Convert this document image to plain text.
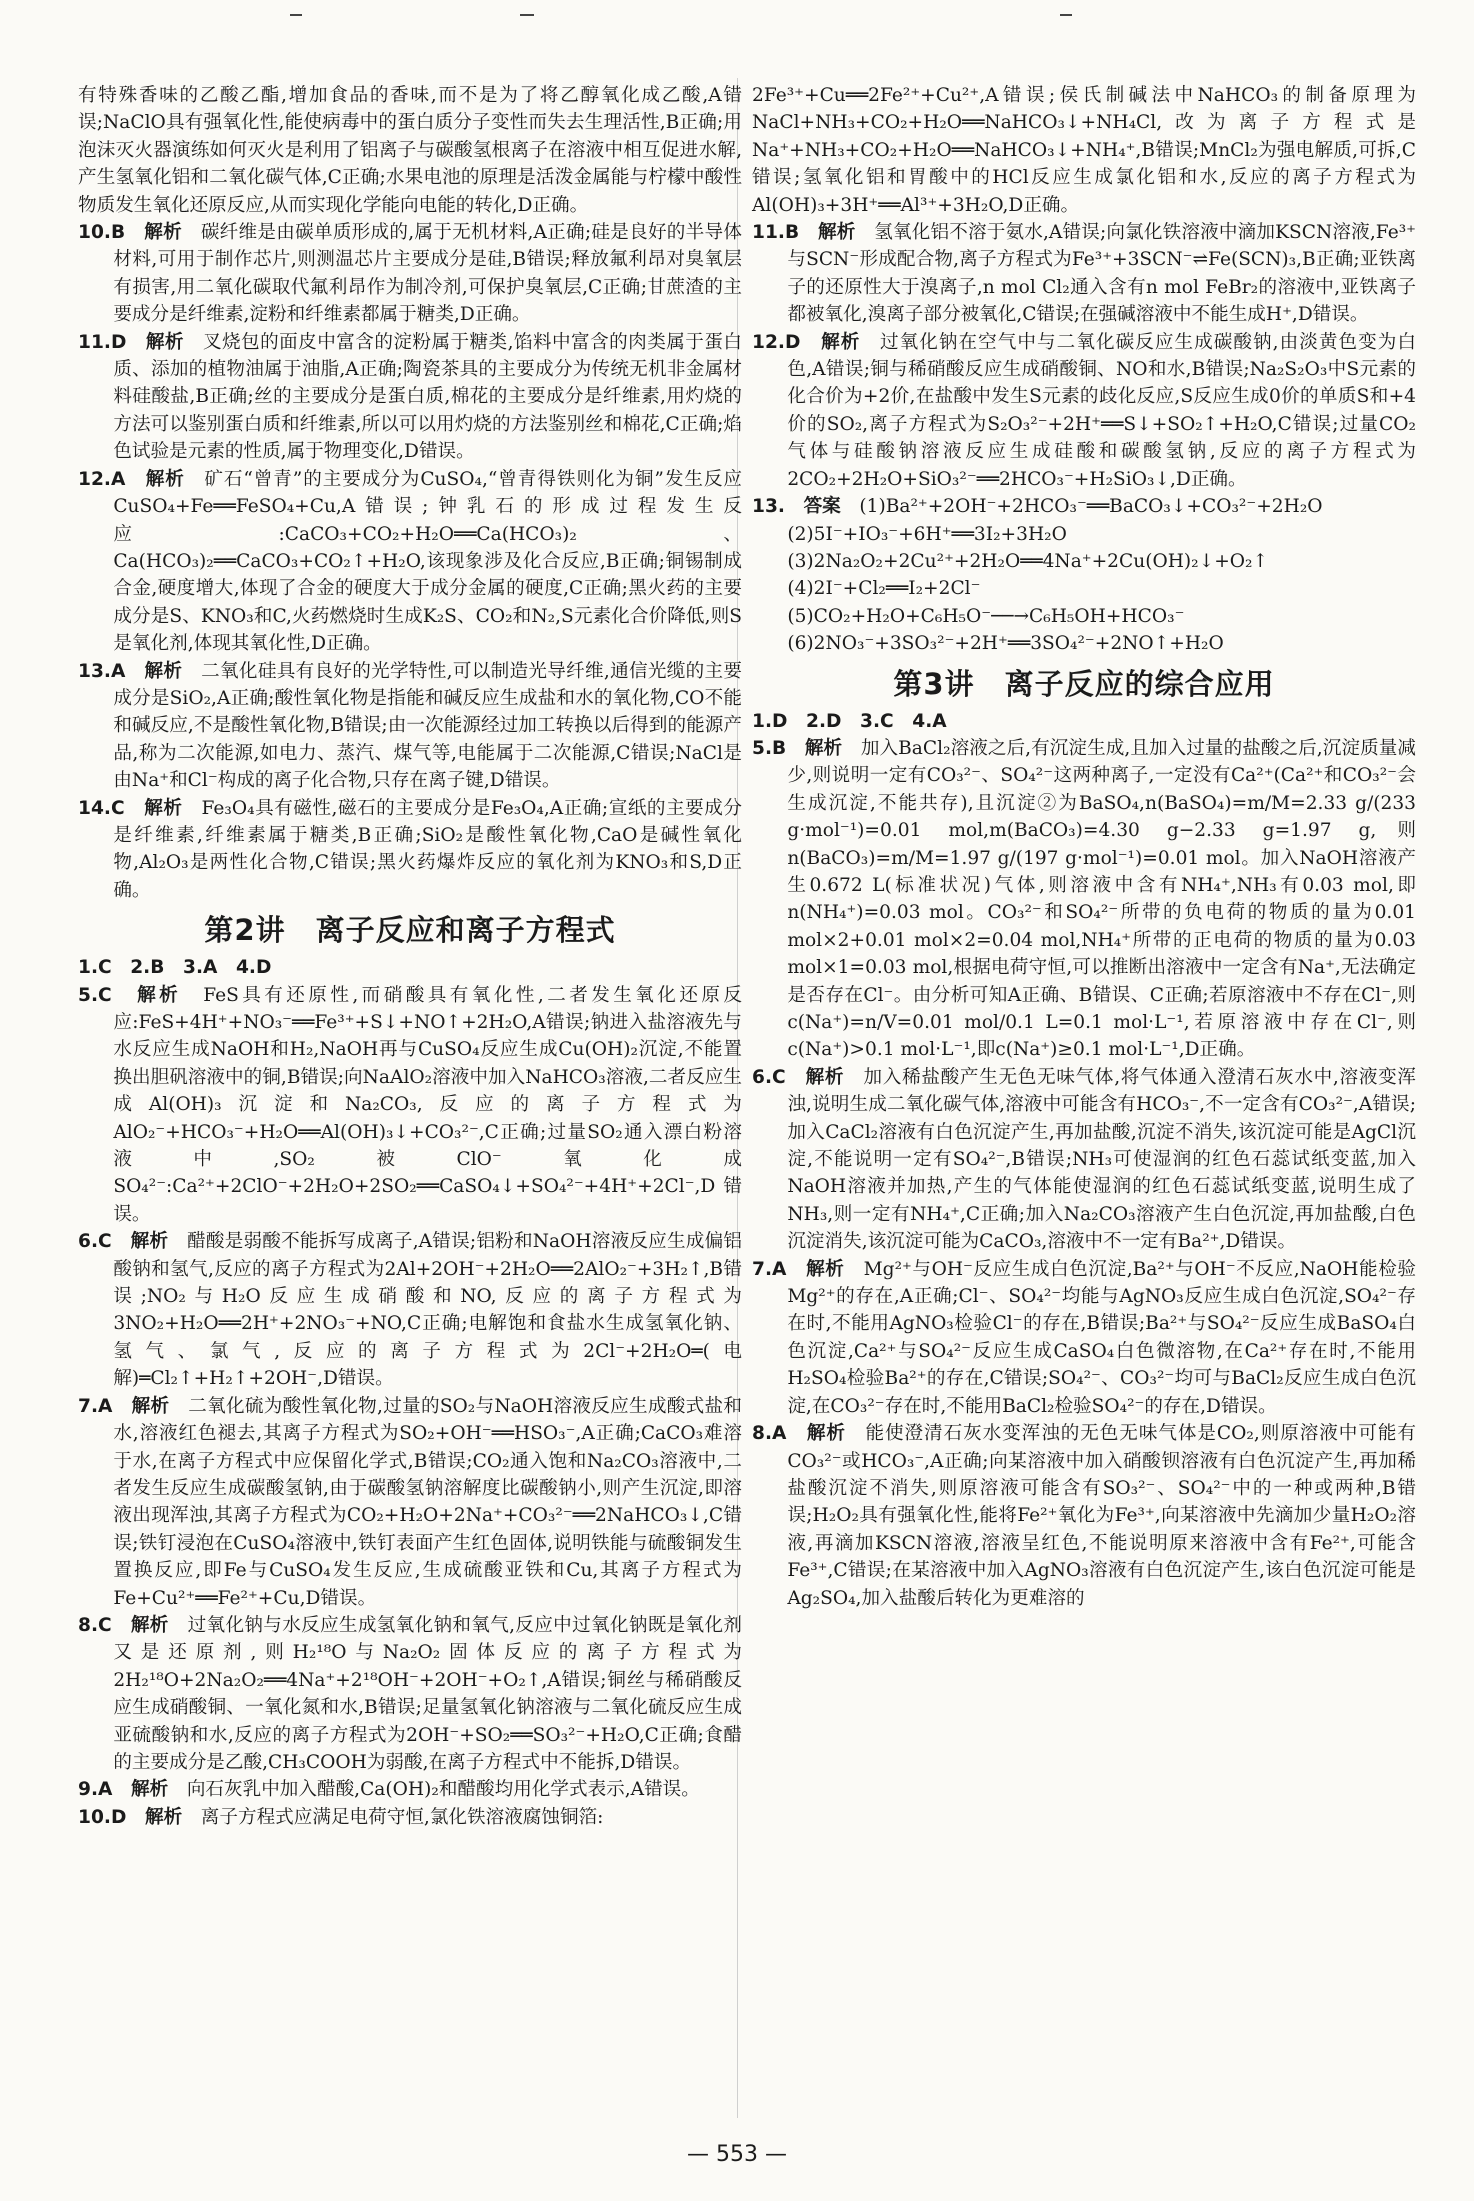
有特殊香味的乙酸乙酯,增加食品的香味,而不是为了将乙醇氧化成乙酸,A错误;NaClO具有强氧化性,能使病毒中的蛋白质分子变性而失去生理活性,B正确;用泡沫灭火器演练如何灭火是利用了铝离子与碳酸氢根离子在溶液中相互促进水解,产生氢氧化铝和二氧化碳气体,C正确;水果电池的原理是活泼金属能与柠檬中酸性物质发生氧化还原反应,从而实现化学能向电能的转化,D正确。
10.B　 解析　 碳纤维是由碳单质形成的,属于无机材料,A正确;硅是良好的半导体材料,可用于制作芯片,则测温芯片主要成分是硅,B错误;释放氟利昂对臭氧层有损害,用二氧化碳取代氟利昂作为制冷剂,可保护臭氧层,C正确;甘蔗渣的主要成分是纤维素,淀粉和纤维素都属于糖类,D正确。
11.D　 解析　 叉烧包的面皮中富含的淀粉属于糖类,馅料中富含的肉类属于蛋白质、添加的植物油属于油脂,A正确;陶瓷茶具的主要成分为传统无机非金属材料硅酸盐,B正确;丝的主要成分是蛋白质,棉花的主要成分是纤维素,用灼烧的方法可以鉴别蛋白质和纤维素,所以可以用灼烧的方法鉴别丝和棉花,C正确;焰色试验是元素的性质,属于物理变化,D错误。
12.A　 解析　 矿石“曾青”的主要成分为CuSO₄,“曾青得铁则化为铜”发生反应CuSO₄+Fe══FeSO₄+Cu,A错误;钟乳石的形成过程发生反应:CaCO₃+CO₂+H₂O══Ca(HCO₃)₂、Ca(HCO₃)₂══CaCO₃+CO₂↑+H₂O,该现象涉及化合反应,B正确;铜锡制成合金,硬度增大,体现了合金的硬度大于成分金属的硬度,C正确;黑火药的主要成分是S、KNO₃和C,火药燃烧时生成K₂S、CO₂和N₂,S元素化合价降低,则S是氧化剂,体现其氧化性,D正确。
13.A　 解析　 二氧化硅具有良好的光学特性,可以制造光导纤维,通信光缆的主要成分是SiO₂,A正确;酸性氧化物是指能和碱反应生成盐和水的氧化物,CO不能和碱反应,不是酸性氧化物,B错误;由一次能源经过加工转换以后得到的能源产品,称为二次能源,如电力、蒸汽、煤气等,电能属于二次能源,C错误;NaCl是由Na⁺和Cl⁻构成的离子化合物,只存在离子键,D错误。
14.C　 解析　 Fe₃O₄具有磁性,磁石的主要成分是Fe₃O₄,A正确;宣纸的主要成分是纤维素,纤维素属于糖类,B正确;SiO₂是酸性氧化物,CaO是碱性氧化物,Al₂O₃是两性化合物,C错误;黑火药爆炸反应的氧化剂为KNO₃和S,D正确。
第2讲　离子反应和离子方程式
1.C　2.B　3.A　4.D
5.C　 解析　 FeS具有还原性,而硝酸具有氧化性,二者发生氧化还原反应:FeS+4H⁺+NO₃⁻══Fe³⁺+S↓+NO↑+2H₂O,A错误;钠进入盐溶液先与水反应生成NaOH和H₂,NaOH再与CuSO₄反应生成Cu(OH)₂沉淀,不能置换出胆矾溶液中的铜,B错误;向NaAlO₂溶液中加入NaHCO₃溶液,二者反应生成Al(OH)₃沉淀和Na₂CO₃,反应的离子方程式为AlO₂⁻+HCO₃⁻+H₂O══Al(OH)₃↓+CO₃²⁻,C正确;过量SO₂通入漂白粉溶液中,SO₂被ClO⁻氧化成SO₄²⁻:Ca²⁺+2ClO⁻+2H₂O+2SO₂══CaSO₄↓+SO₄²⁻+4H⁺+2Cl⁻,D错误。
6.C　 解析　 醋酸是弱酸不能拆写成离子,A错误;铝粉和NaOH溶液反应生成偏铝酸钠和氢气,反应的离子方程式为2Al+2OH⁻+2H₂O══2AlO₂⁻+3H₂↑,B错误;NO₂与H₂O反应生成硝酸和NO,反应的离子方程式为3NO₂+H₂O══2H⁺+2NO₃⁻+NO,C正确;电解饱和食盐水生成氢氧化钠、氢气、氯气,反应的离子方程式为2Cl⁻+2H₂O═(电解)═Cl₂↑+H₂↑+2OH⁻,D错误。
7.A　 解析　 二氧化硫为酸性氧化物,过量的SO₂与NaOH溶液反应生成酸式盐和水,溶液红色褪去,其离子方程式为SO₂+OH⁻══HSO₃⁻,A正确;CaCO₃难溶于水,在离子方程式中应保留化学式,B错误;CO₂通入饱和Na₂CO₃溶液中,二者发生反应生成碳酸氢钠,由于碳酸氢钠溶解度比碳酸钠小,则产生沉淀,即溶液出现浑浊,其离子方程式为CO₂+H₂O+2Na⁺+CO₃²⁻══2NaHCO₃↓,C错误;铁钉浸泡在CuSO₄溶液中,铁钉表面产生红色固体,说明铁能与硫酸铜发生置换反应,即Fe与CuSO₄发生反应,生成硫酸亚铁和Cu,其离子方程式为Fe+Cu²⁺══Fe²⁺+Cu,D错误。
8.C　 解析　 过氧化钠与水反应生成氢氧化钠和氧气,反应中过氧化钠既是氧化剂又是还原剂,则H₂¹⁸O与Na₂O₂固体反应的离子方程式为2H₂¹⁸O+2Na₂O₂══4Na⁺+2¹⁸OH⁻+2OH⁻+O₂↑,A错误;铜丝与稀硝酸反应生成硝酸铜、一氧化氮和水,B错误;足量氢氧化钠溶液与二氧化硫反应生成亚硫酸钠和水,反应的离子方程式为2OH⁻+SO₂══SO₃²⁻+H₂O,C正确;食醋的主要成分是乙酸,CH₃COOH为弱酸,在离子方程式中不能拆,D错误。
9.A　 解析　 向石灰乳中加入醋酸,Ca(OH)₂和醋酸均用化学式表示,A错误。
10.D　 解析　 离子方程式应满足电荷守恒,氯化铁溶液腐蚀铜箔:
2Fe³⁺+Cu══2Fe²⁺+Cu²⁺,A错误;侯氏制碱法中NaHCO₃的制备原理为NaCl+NH₃+CO₂+H₂O══NaHCO₃↓+NH₄Cl,改为离子方程式是Na⁺+NH₃+CO₂+H₂O══NaHCO₃↓+NH₄⁺,B错误;MnCl₂为强电解质,可拆,C错误;氢氧化铝和胃酸中的HCl反应生成氯化铝和水,反应的离子方程式为Al(OH)₃+3H⁺══Al³⁺+3H₂O,D正确。
11.B　 解析　 氢氧化铝不溶于氨水,A错误;向氯化铁溶液中滴加KSCN溶液,Fe³⁺与SCN⁻形成配合物,离子方程式为Fe³⁺+3SCN⁻⇌Fe(SCN)₃,B正确;亚铁离子的还原性大于溴离子,n mol Cl₂通入含有n mol FeBr₂的溶液中,亚铁离子都被氧化,溴离子部分被氧化,C错误;在强碱溶液中不能生成H⁺,D错误。
12.D　 解析　 过氧化钠在空气中与二氧化碳反应生成碳酸钠,由淡黄色变为白色,A错误;铜与稀硝酸反应生成硝酸铜、NO和水,B错误;Na₂S₂O₃中S元素的化合价为+2价,在盐酸中发生S元素的歧化反应,S反应生成0价的单质S和+4价的SO₂,离子方程式为S₂O₃²⁻+2H⁺══S↓+SO₂↑+H₂O,C错误;过量CO₂气体与硅酸钠溶液反应生成硅酸和碳酸氢钠,反应的离子方程式为2CO₂+2H₂O+SiO₃²⁻══2HCO₃⁻+H₂SiO₃↓,D正确。
13.　 答案　 (1)Ba²⁺+2OH⁻+2HCO₃⁻══BaCO₃↓+CO₃²⁻+2H₂O
(2)5I⁻+IO₃⁻+6H⁺══3I₂+3H₂O
(3)2Na₂O₂+2Cu²⁺+2H₂O══4Na⁺+2Cu(OH)₂↓+O₂↑
(4)2I⁻+Cl₂══I₂+2Cl⁻
(5)CO₂+H₂O+C₆H₅O⁻──→C₆H₅OH+HCO₃⁻
(6)2NO₃⁻+3SO₃²⁻+2H⁺══3SO₄²⁻+2NO↑+H₂O
第3讲　离子反应的综合应用
1.D　2.D　3.C　4.A
5.B　 解析　 加入BaCl₂溶液之后,有沉淀生成,且加入过量的盐酸之后,沉淀质量减少,则说明一定有CO₃²⁻、SO₄²⁻这两种离子,一定没有Ca²⁺(Ca²⁺和CO₃²⁻会生成沉淀,不能共存),且沉淀②为BaSO₄,n(BaSO₄)=m/M=2.33 g/(233 g·mol⁻¹)=0.01 mol,m(BaCO₃)=4.30 g−2.33 g=1.97 g,则n(BaCO₃)=m/M=1.97 g/(197 g·mol⁻¹)=0.01 mol。加入NaOH溶液产生0.672 L(标准状况)气体,则溶液中含有NH₄⁺,NH₃有0.03 mol,即n(NH₄⁺)=0.03 mol。CO₃²⁻和SO₄²⁻所带的负电荷的物质的量为0.01 mol×2+0.01 mol×2=0.04 mol,NH₄⁺所带的正电荷的物质的量为0.03 mol×1=0.03 mol,根据电荷守恒,可以推断出溶液中一定含有Na⁺,无法确定是否存在Cl⁻。由分析可知A正确、B错误、C正确;若原溶液中不存在Cl⁻,则c(Na⁺)=n/V=0.01 mol/0.1 L=0.1 mol·L⁻¹,若原溶液中存在Cl⁻,则c(Na⁺)>0.1 mol·L⁻¹,即c(Na⁺)≥0.1 mol·L⁻¹,D正确。
6.C　 解析　 加入稀盐酸产生无色无味气体,将气体通入澄清石灰水中,溶液变浑浊,说明生成二氧化碳气体,溶液中可能含有HCO₃⁻,不一定含有CO₃²⁻,A错误;加入CaCl₂溶液有白色沉淀产生,再加盐酸,沉淀不消失,该沉淀可能是AgCl沉淀,不能说明一定有SO₄²⁻,B错误;NH₃可使湿润的红色石蕊试纸变蓝,加入NaOH溶液并加热,产生的气体能使湿润的红色石蕊试纸变蓝,说明生成了NH₃,则一定有NH₄⁺,C正确;加入Na₂CO₃溶液产生白色沉淀,再加盐酸,白色沉淀消失,该沉淀可能为CaCO₃,溶液中不一定有Ba²⁺,D错误。
7.A　 解析　 Mg²⁺与OH⁻反应生成白色沉淀,Ba²⁺与OH⁻不反应,NaOH能检验Mg²⁺的存在,A正确;Cl⁻、SO₄²⁻均能与AgNO₃反应生成白色沉淀,SO₄²⁻存在时,不能用AgNO₃检验Cl⁻的存在,B错误;Ba²⁺与SO₄²⁻反应生成BaSO₄白色沉淀,Ca²⁺与SO₄²⁻反应生成CaSO₄白色微溶物,在Ca²⁺存在时,不能用H₂SO₄检验Ba²⁺的存在,C错误;SO₄²⁻、CO₃²⁻均可与BaCl₂反应生成白色沉淀,在CO₃²⁻存在时,不能用BaCl₂检验SO₄²⁻的存在,D错误。
8.A　 解析　 能使澄清石灰水变浑浊的无色无味气体是CO₂,则原溶液中可能有CO₃²⁻或HCO₃⁻,A正确;向某溶液中加入硝酸钡溶液有白色沉淀产生,再加稀盐酸沉淀不消失,则原溶液可能含有SO₃²⁻、SO₄²⁻中的一种或两种,B错误;H₂O₂具有强氧化性,能将Fe²⁺氧化为Fe³⁺,向某溶液中先滴加少量H₂O₂溶液,再滴加KSCN溶液,溶液呈红色,不能说明原来溶液中含有Fe²⁺,可能含Fe³⁺,C错误;在某溶液中加入AgNO₃溶液有白色沉淀产生,该白色沉淀可能是Ag₂SO₄,加入盐酸后转化为更难溶的
— 553 —
